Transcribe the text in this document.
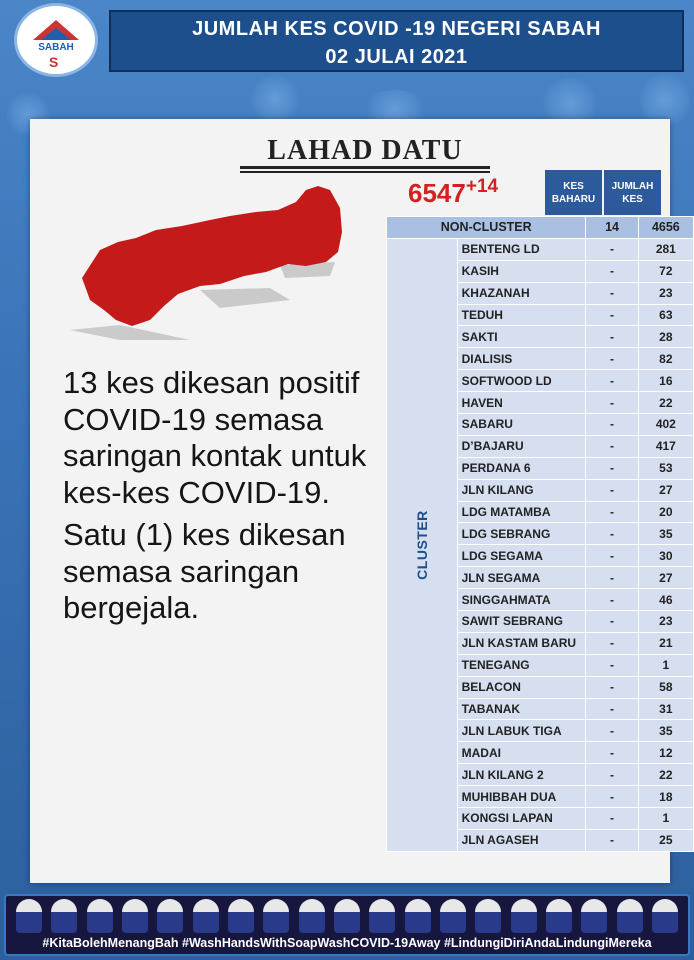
SABAH
S
JUMLAH KES COVID -19 NEGERI SABAH
02 JULAI 2021
LAHAD DATU
$6547^{+14}$	KES BAHARU
JUMLAH KES
NON-CLUSTER		14	4656
CLUSTER	BENTENG LD	-	281
	KASIH	-	72
	KHAZANAH	-	23
	TEDUH	-	63
	SAKTI	-	28
	DIALISIS	-	82
	SOFTWOOD LD	-	16
	HAVEN	-	22
	SABARU	-	402
	D’BAJARU	-	417
	PERDANA 6	-	53
	JLN KILANG	-	27
	LDG MATAMBA	-	20
	LDG SEBRANG	-	35
	LDG SEGAMA	-	30
	JLN SEGAMA	-	27
	SINGGAHMATA	-	46
	SAWIT SEBRANG	-	23
	JLN KASTAM BARU	-	21
	TENEGANG	-	1
	BELACON	-	58
	TABANAK	-	31
	JLN LABUK TIGA	-	35
	MADAI	-	12
	JLN KILANG 2	-	22
	MUHIBBAH DUA	-	18
	KONGSI LAPAN	-	1
	JLN AGASEH	-	25

13 kes dikesan positif COVID-19 semasa saringan kontak untuk kes-kes COVID-19.

Satu (1) kes dikesan semasa saringan bergejala.

#KitaBolehMenangBah #WashHandsWithSoapWashCOVID-19Away #LindungiDiriAndaLindungiMereka
